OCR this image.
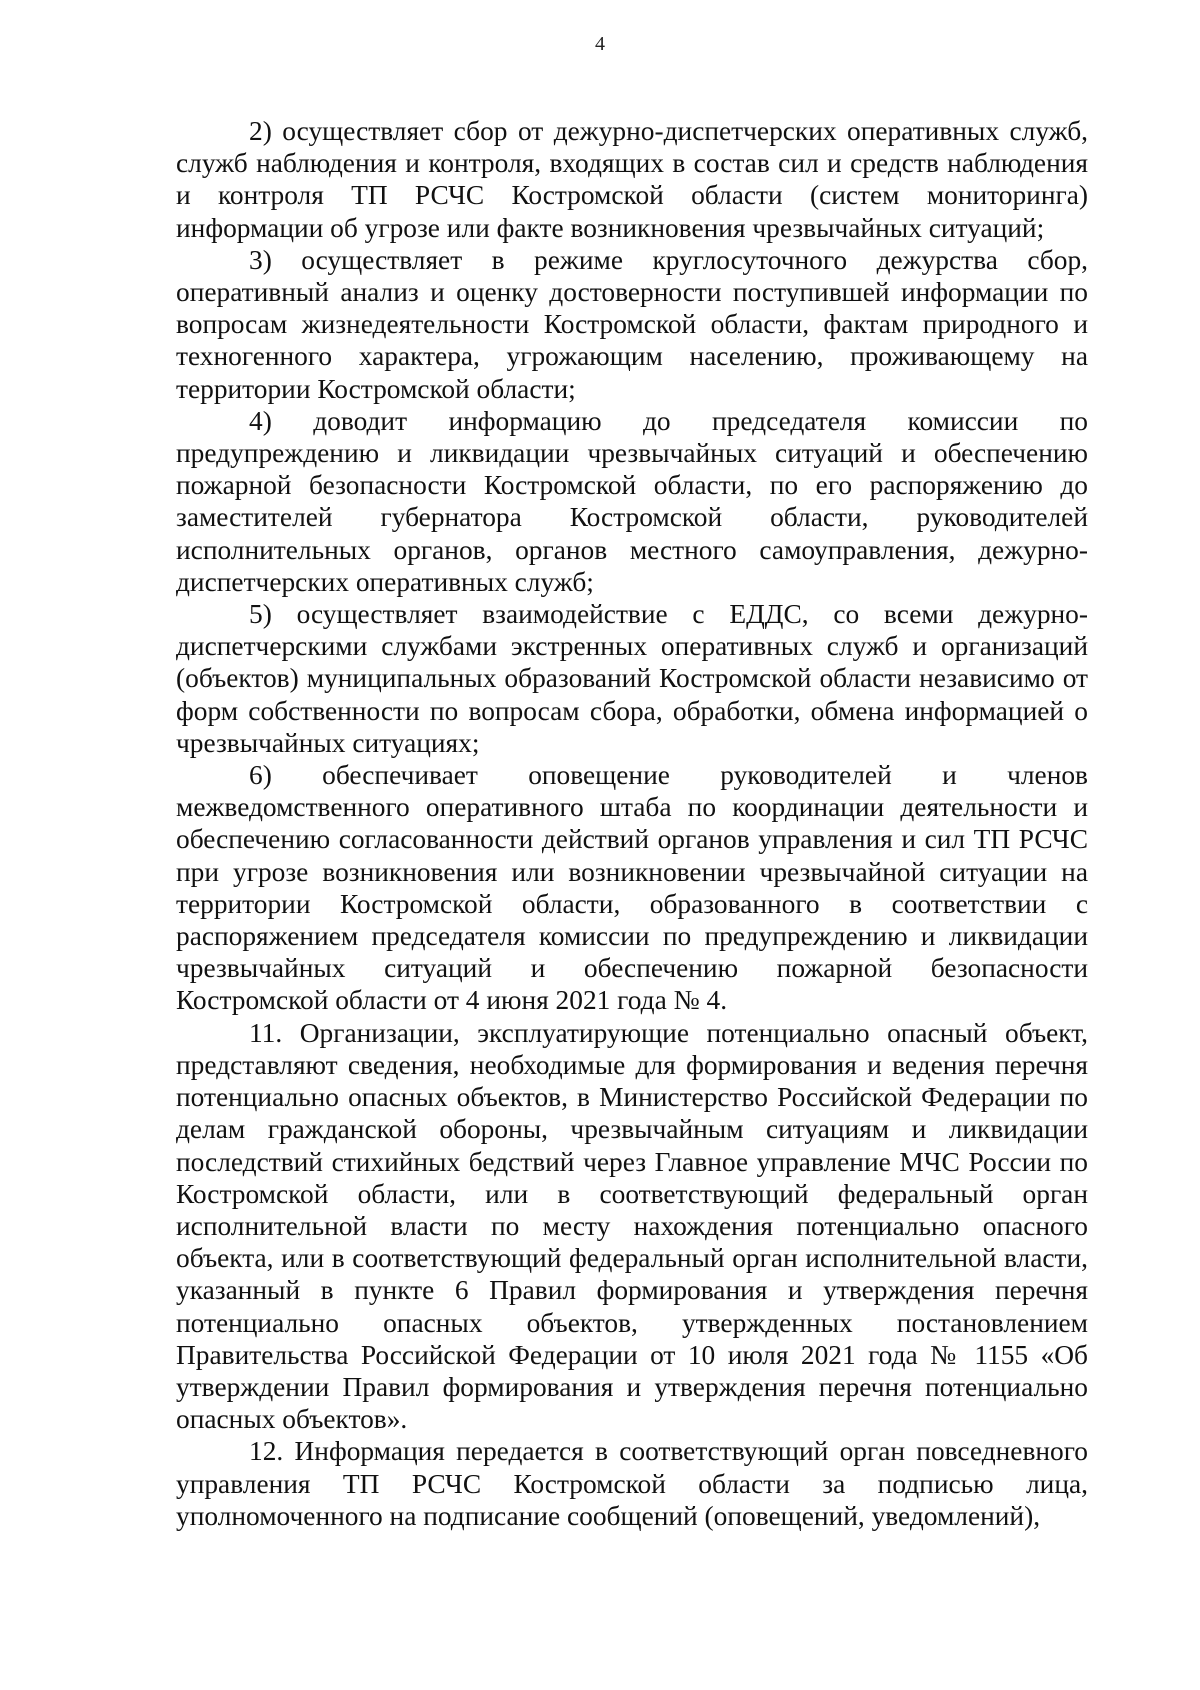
4

2) осуществляет сбор от дежурно-диспетчерских оперативных служб, служб наблюдения и контроля, входящих в состав сил и средств наблюдения и контроля ТП РСЧС Костромской области (систем мониторинга) информации об угрозе или факте возникновения чрезвычайных ситуаций;

3) осуществляет в режиме круглосуточного дежурства сбор, оперативный анализ и оценку достоверности поступившей информации по вопросам жизнедеятельности Костромской области, фактам природного и техногенного характера, угрожающим населению, проживающему на территории Костромской области;

4) доводит информацию до председателя комиссии по предупреждению и ликвидации чрезвычайных ситуаций и обеспечению пожарной безопасности Костромской области, по его распоряжению до заместителей губернатора Костромской области, руководителей исполнительных органов, органов местного самоуправления, дежурно-диспетчерских оперативных служб;

5) осуществляет взаимодействие с ЕДДС, со всеми дежурно-диспетчерскими службами экстренных оперативных служб и организаций (объектов) муниципальных образований Костромской области независимо от форм собственности по вопросам сбора, обработки, обмена информацией о чрезвычайных ситуациях;

6) обеспечивает оповещение руководителей и членов межведомственного оперативного штаба по координации деятельности и обеспечению согласованности действий органов управления и сил ТП РСЧС при угрозе возникновения или возникновении чрезвычайной ситуации на территории Костромской области, образованного в соответствии с распоряжением председателя комиссии по предупреждению и ликвидации чрезвычайных ситуаций и обеспечению пожарной безопасности Костромской области от 4 июня 2021 года № 4.

11. Организации, эксплуатирующие потенциально опасный объект, представляют сведения, необходимые для формирования и ведения перечня потенциально опасных объектов, в Министерство Российской Федерации по делам гражданской обороны, чрезвычайным ситуациям и ликвидации последствий стихийных бедствий через Главное управление МЧС России по Костромской области, или в соответствующий федеральный орган исполнительной власти по месту нахождения потенциально опасного объекта, или в соответствующий федеральный орган исполнительной власти, указанный в пункте 6 Правил формирования и утверждения перечня потенциально опасных объектов, утвержденных постановлением Правительства Российской Федерации от 10 июля 2021 года № 1155 «Об утверждении Правил формирования и утверждения перечня потенциально опасных объектов».

12. Информация передается в соответствующий орган повседневного управления ТП РСЧС Костромской области за подписью лица, уполномоченного на подписание сообщений (оповещений, уведомлений),
